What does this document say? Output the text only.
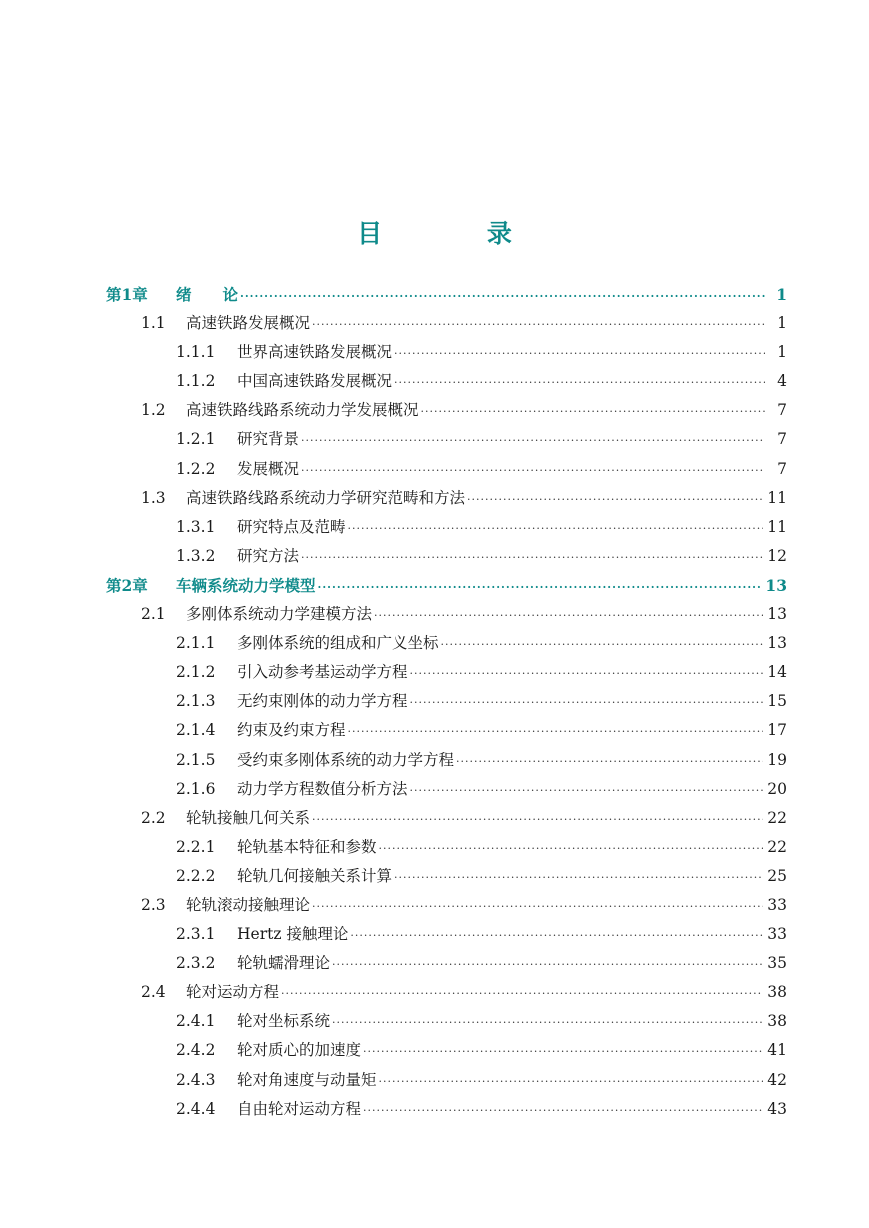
目 录
第1章	绪　　论 ·····	1
1.1	高速铁路发展概况 ·····	1
1.1.1	世界高速铁路发展概况 ·····	1
1.1.2	中国高速铁路发展概况 ·····	4
1.2	高速铁路线路系统动力学发展概况 ·····	7
1.2.1	研究背景 ·····	7
1.2.2	发展概况 ·····	7
1.3	高速铁路线路系统动力学研究范畴和方法 ·····	11
1.3.1	研究特点及范畴 ·····	11
1.3.2	研究方法 ·····	12
第2章	车辆系统动力学模型 ·····	13
2.1	多刚体系统动力学建模方法 ·····	13
2.1.1	多刚体系统的组成和广义坐标 ·····	13
2.1.2	引入动参考基运动学方程 ·····	14
2.1.3	无约束刚体的动力学方程 ·····	15
2.1.4	约束及约束方程 ·····	17
2.1.5	受约束多刚体系统的动力学方程 ·····	19
2.1.6	动力学方程数值分析方法 ·····	20
2.2	轮轨接触几何关系 ·····	22
2.2.1	轮轨基本特征和参数 ·····	22
2.2.2	轮轨几何接触关系计算 ·····	25
2.3	轮轨滚动接触理论 ·····	33
2.3.1	Hertz 接触理论 ·····	33
2.3.2	轮轨蠕滑理论 ·····	35
2.4	轮对运动方程 ·····	38
2.4.1	轮对坐标系统 ·····	38
2.4.2	轮对质心的加速度 ·····	41
2.4.3	轮对角速度与动量矩 ·····	42
2.4.4	自由轮对运动方程 ·····	43
